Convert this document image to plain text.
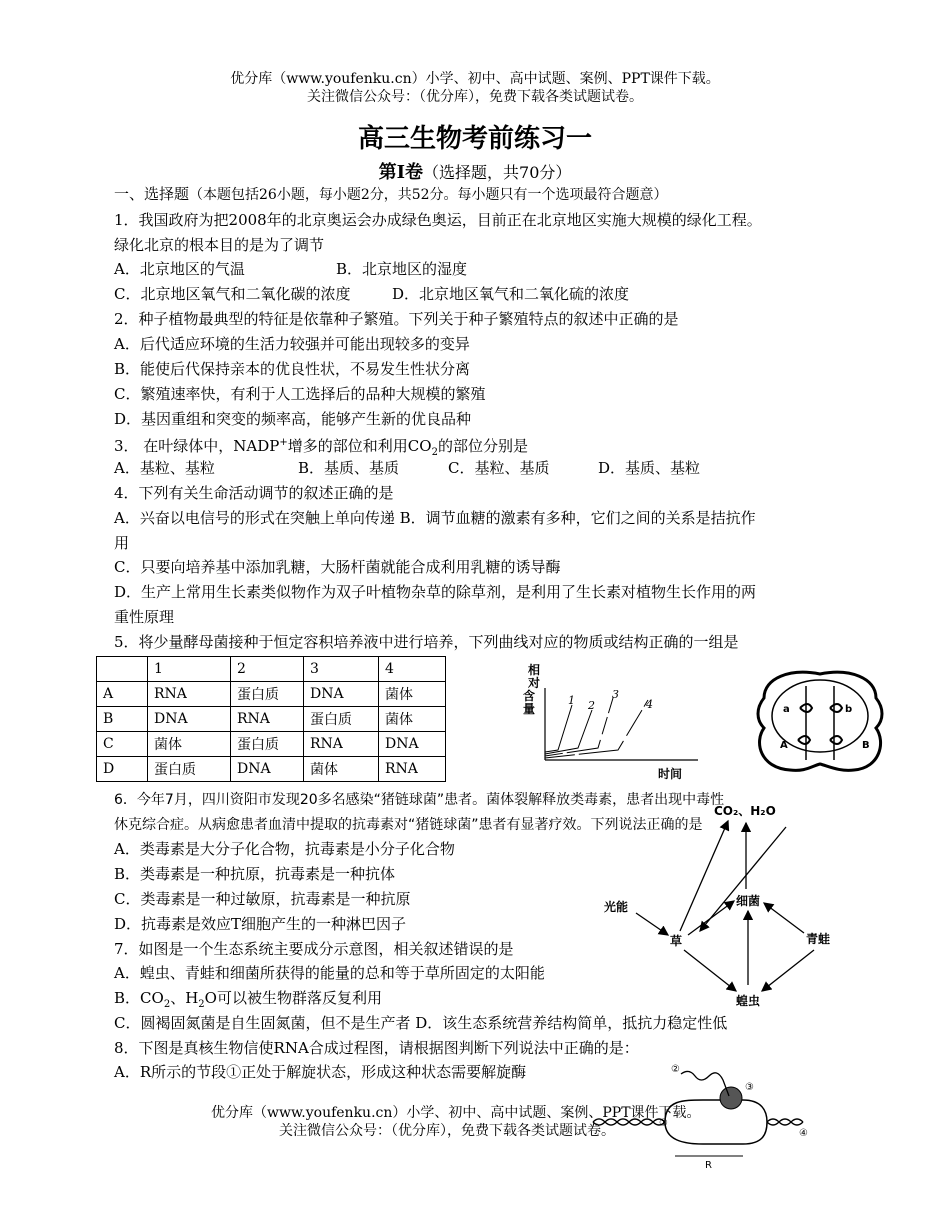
优分库（www.youfenku.cn）小学、初中、高中试题、案例、PPT课件下载。
关注微信公众号：（优分库），免费下载各类试题试卷。
高三生物考前练习一
第Ⅰ卷（选择题，共70分）
一、选择题（本题包括26小题，每小题2分，共52分。每小题只有一个选项最符合题意）
1．我国政府为把2008年的北京奥运会办成绿色奥运，目前正在北京地区实施大规模的绿化工程。
绿化北京的根本目的是为了调节
A．北京地区的气温	B．北京地区的湿度
C．北京地区氧气和二氧化碳的浓度	D．北京地区氧气和二氧化硫的浓度
2．种子植物最典型的特征是依靠种子繁殖。下列关于种子繁殖特点的叙述中正确的是
A．后代适应环境的生活力较强并可能出现较多的变异
B．能使后代保持亲本的优良性状，不易发生性状分离
C．繁殖速率快，有利于人工选择后的品种大规模的繁殖
D．基因重组和突变的频率高，能够产生新的优良品种
3． 在叶绿体中，NADP+增多的部位和利用$CO_2$的部位分别是
A．基粒、基粒	B．基质、基质	C．基粒、基质	D．基质、基粒
4．下列有关生命活动调节的叙述正确的是
A．兴奋以电信号的形式在突触上单向传递 B．调节血糖的激素有多种，它们之间的关系是拮抗作
用
C．只要向培养基中添加乳糖，大肠杆菌就能合成利用乳糖的诱导酶
D．生产上常用生长素类似物作为双子叶植物杂草的除草剂，是利用了生长素对植物生长作用的两
重性原理
5．将少量酵母菌接种于恒定容积培养液中进行培养，下列曲线对应的物质或结构正确的一组是
	1	2	3	4
A	RNA	蛋白质	DNA	菌体
B	DNA	RNA	蛋白质	菌体
C	菌体	蛋白质	RNA	DNA
D	蛋白质	DNA	菌体	RNA
相
对
含
量
1 2
3
4
时间
a	b
A	B
6．今年7月，四川资阳市发现20多名感染“猪链球菌”患者。菌体裂解释放类毒素，患者出现中毒性
休克综合症。从病愈患者血清中提取的抗毒素对“猪链球菌”患者有显著疗效。下列说法正确的是
A．类毒素是大分子化合物，抗毒素是小分子化合物
B．类毒素是一种抗原，抗毒素是一种抗体
C．类毒素是一种过敏原，抗毒素是一种抗原
D．抗毒素是效应T细胞产生的一种淋巴因子
7．如图是一个生态系统主要成分示意图，相关叙述错误的是
A．蝗虫、青蛙和细菌所获得的能量的总和等于草所固定的太阳能
B．$CO_2$、$H_2O$可以被生物群落反复利用
C．圆褐固氮菌是自生固氮菌，但不是生产者 D．该生态系统营养结构简单，抵抗力稳定性低
CO₂、H₂O
光能
草
细菌
青蛙
蝗虫
8．下图是真核生物信使RNA合成过程图，请根据图判断下列说法中正确的是：
A．R所示的节段①正处于解旋状态，形成这种状态需要解旋酶
优分库（www.youfenku.cn）小学、初中、高中试题、案例、PPT课件下载。
关注微信公众号：（优分库），免费下载各类试题试卷。
②
③
①
④
R
